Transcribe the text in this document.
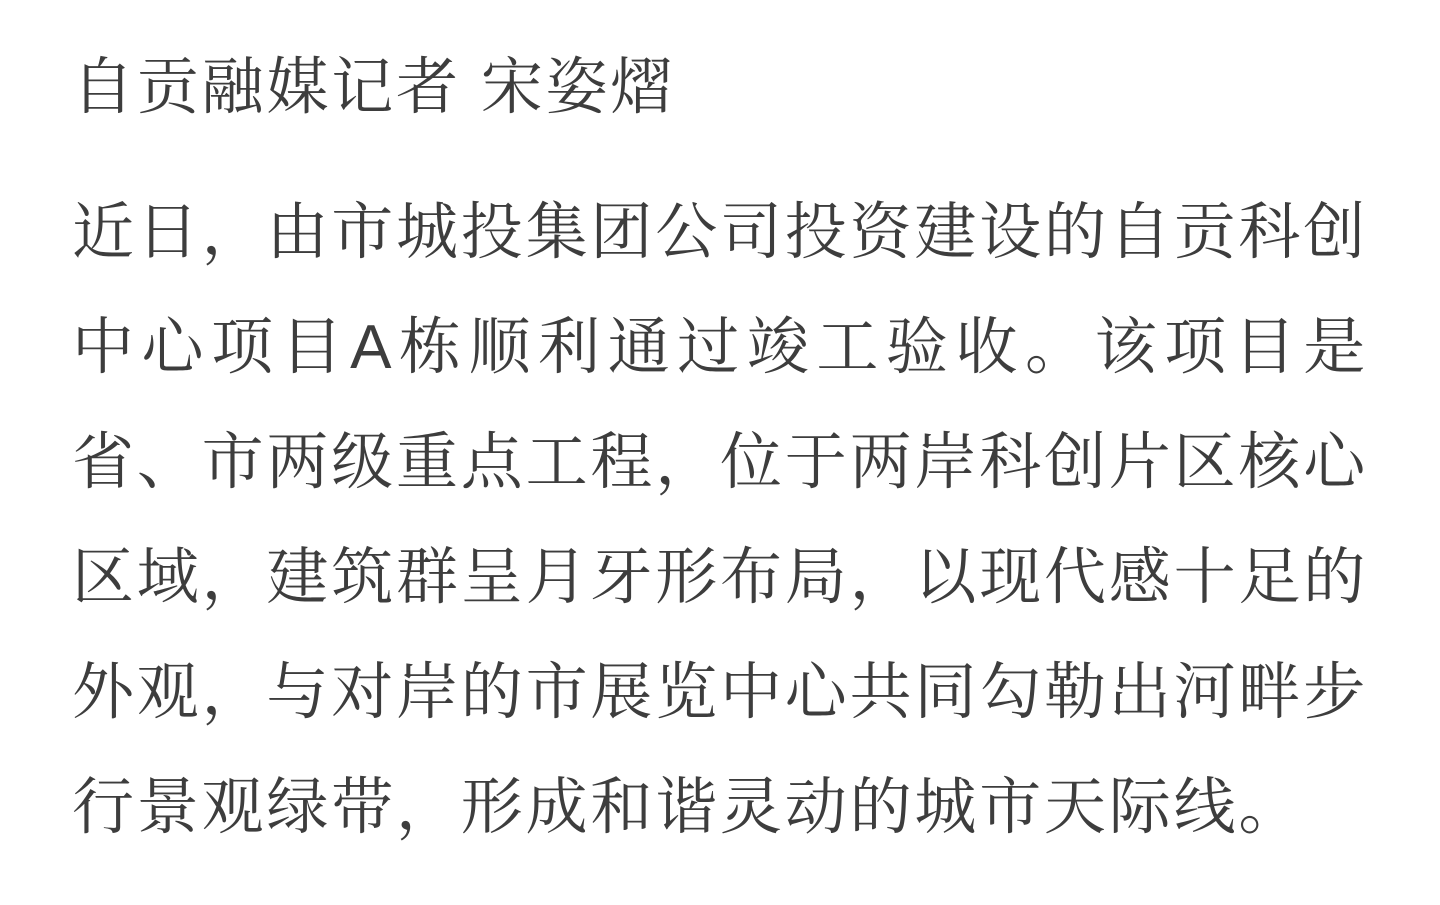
自贡融媒记者 宋姿熠

近日，由市城投集团公司投资建设的自贡科创中心项目A栋顺利通过竣工验收。该项目是省、市两级重点工程，位于两岸科创片区核心区域，建筑群呈月牙形布局，以现代感十足的外观，与对岸的市展览中心共同勾勒出河畔步行景观绿带，形成和谐灵动的城市天际线。
